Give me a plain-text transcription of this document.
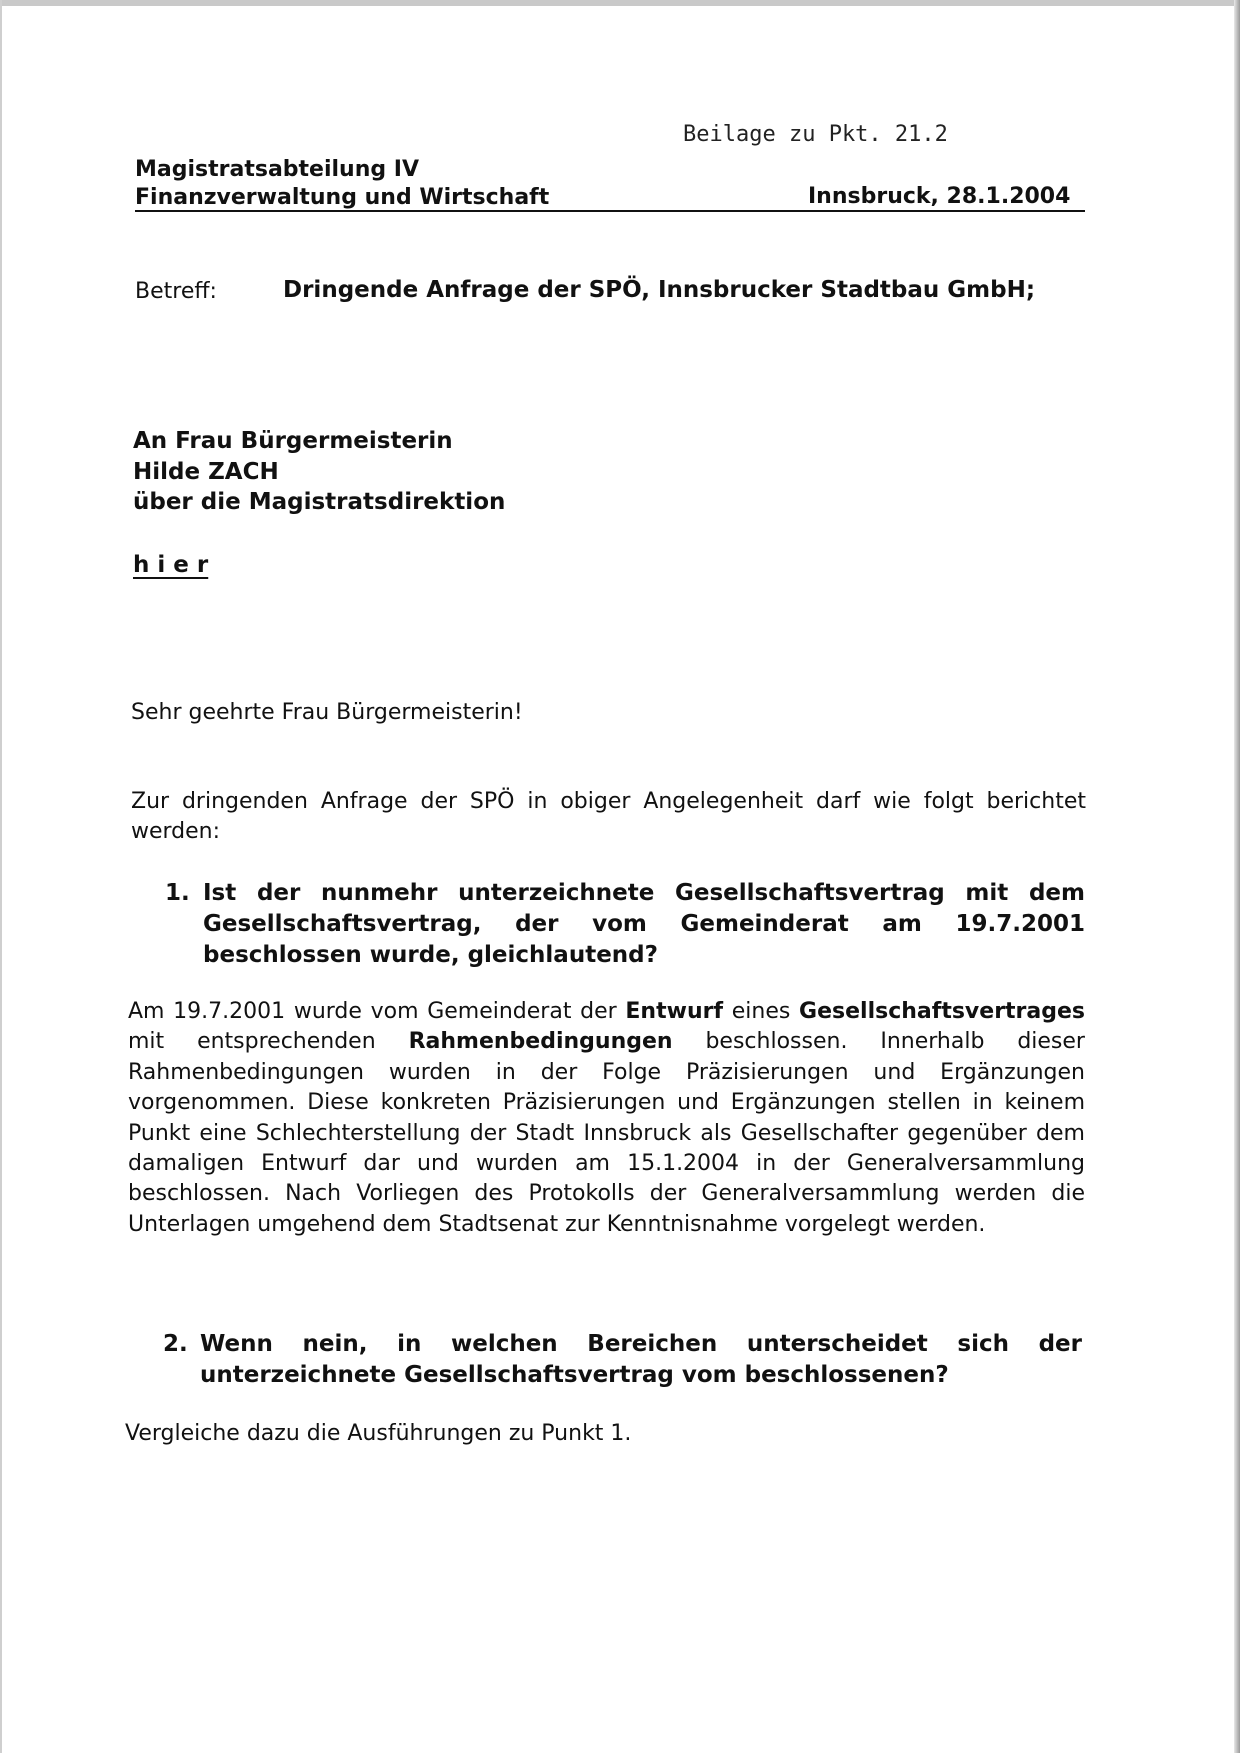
Beilage zu Pkt. 21.2
Magistratsabteilung IV
Finanzverwaltung und Wirtschaft	Innsbruck, 28.1.2004
Betreff:	Dringende Anfrage der SPÖ, Innsbrucker Stadtbau GmbH;
An Frau Bürgermeisterin
Hilde ZACH
über die Magistratsdirektion
h i e r
Sehr geehrte Frau Bürgermeisterin!

Zur dringenden Anfrage der SPÖ in obiger Angelegenheit darf wie folgt berichtet werden:

1. Ist der nunmehr unterzeichnete Gesellschaftsvertrag mit dem Gesellschaftsvertrag, der vom Gemeinderat am 19.7.2001 beschlossen wurde, gleichlautend?

Am 19.7.2001 wurde vom Gemeinderat der Entwurf eines Gesellschaftsvertrages mit entsprechenden Rahmenbedingungen beschlossen. Innerhalb dieser Rahmenbedingungen wurden in der Folge Präzisierungen und Ergänzungen vorgenommen. Diese konkreten Präzisierungen und Ergänzungen stellen in keinem Punkt eine Schlechterstellung der Stadt Innsbruck als Gesellschafter gegenüber dem damaligen Entwurf dar und wurden am 15.1.2004 in der Generalversammlung beschlossen. Nach Vorliegen des Protokolls der Generalversammlung werden die Unterlagen umgehend dem Stadtsenat zur Kenntnisnahme vorgelegt werden.

2. Wenn nein, in welchen Bereichen unterscheidet sich der unterzeichnete Gesellschaftsvertrag vom beschlossenen?

Vergleiche dazu die Ausführungen zu Punkt 1.
